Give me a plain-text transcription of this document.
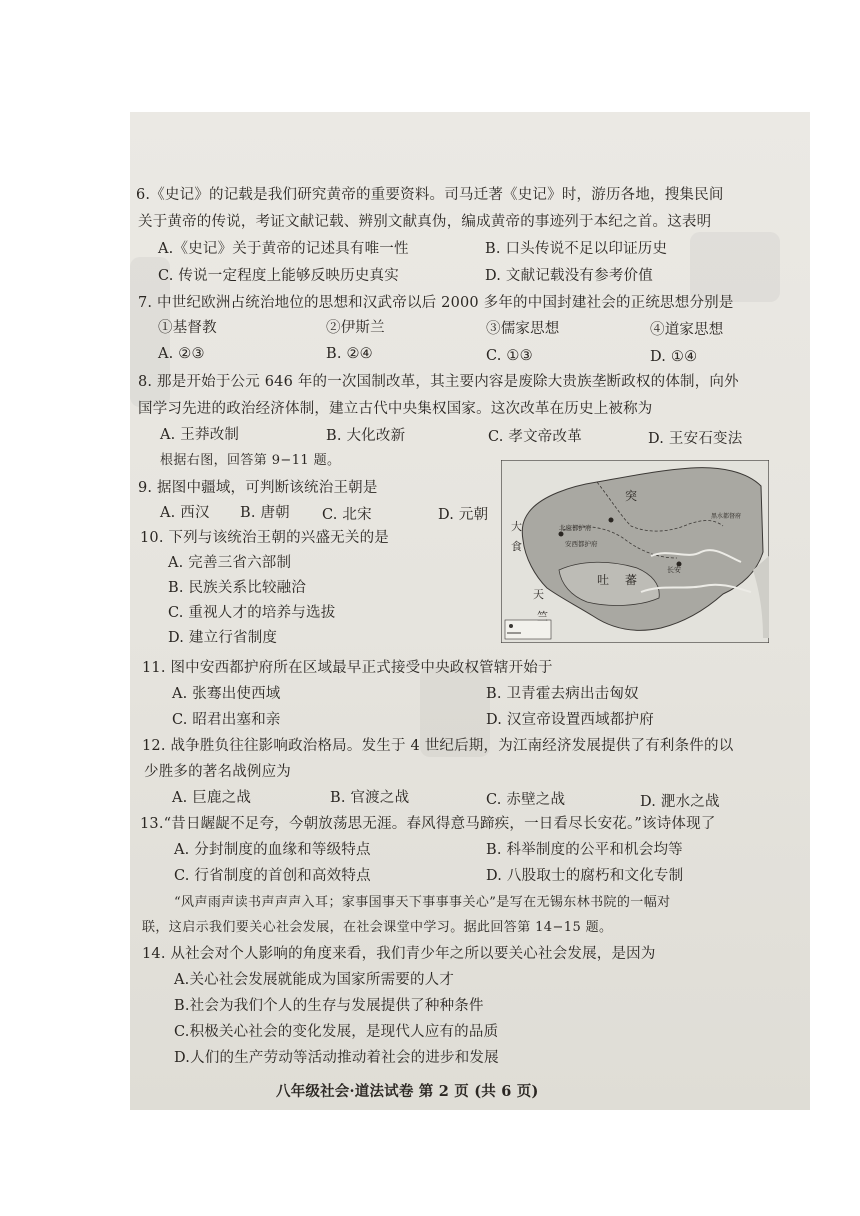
6.《史记》的记载是我们研究黄帝的重要资料。司马迁著《史记》时，游历各地，搜集民间
关于黄帝的传说，考证文献记载、辨别文献真伪，编成黄帝的事迹列于本纪之首。这表明
A.《史记》关于黄帝的记述具有唯一性	B. 口头传说不足以印证历史
C. 传说一定程度上能够反映历史真实	D. 文献记载没有参考价值
7. 中世纪欧洲占统治地位的思想和汉武帝以后 2000 多年的中国封建社会的正统思想分别是
①基督教	②伊斯兰	③儒家思想	④道家思想
A. ②③	B. ②④	C. ①③	D. ①④
8. 那是开始于公元 646 年的一次国制改革，其主要内容是废除大贵族垄断政权的体制，向外
国学习先进的政治经济体制，建立古代中央集权国家。这次改革在历史上被称为
A. 王莽改制	B. 大化改新	C. 孝文帝改革	D. 王安石变法
根据右图，回答第 9−11 题。
9. 据图中疆域，可判断该统治王朝是
A. 西汉 B. 唐朝 C. 北宋	D. 元朝
10. 下列与该统治王朝的兴盛无关的是
A. 完善三省六部制
B. 民族关系比较融洽
C. 重视人才的培养与选拔
D. 建立行省制度
突
北庭都护府
安西都护府
吐 蕃
长安
大
食
天
竺
黑水都督府
11. 图中安西都护府所在区域最早正式接受中央政权管辖开始于
A. 张骞出使西域	B. 卫青霍去病出击匈奴
C. 昭君出塞和亲	D. 汉宣帝设置西域都护府
12. 战争胜负往往影响政治格局。发生于 4 世纪后期，为江南经济发展提供了有利条件的以
少胜多的著名战例应为
A. 巨鹿之战	B. 官渡之战	C. 赤壁之战	D. 淝水之战
13.“昔日龌龊不足夸，今朝放荡思无涯。春风得意马蹄疾，一日看尽长安花。”该诗体现了
A. 分封制度的血缘和等级特点	B. 科举制度的公平和机会均等
C. 行省制度的首创和高效特点	D. 八股取士的腐朽和文化专制
“风声雨声读书声声声入耳；家事国事天下事事事关心”是写在无锡东林书院的一幅对
联，这启示我们要关心社会发展，在社会课堂中学习。据此回答第 14−15 题。
14. 从社会对个人影响的角度来看，我们青少年之所以要关心社会发展，是因为
A.关心社会发展就能成为国家所需要的人才
B.社会为我们个人的生存与发展提供了种种条件
C.积极关心社会的变化发展，是现代人应有的品质
D.人们的生产劳动等活动推动着社会的进步和发展
八年级社会·道法试卷 第 2 页 (共 6 页)
